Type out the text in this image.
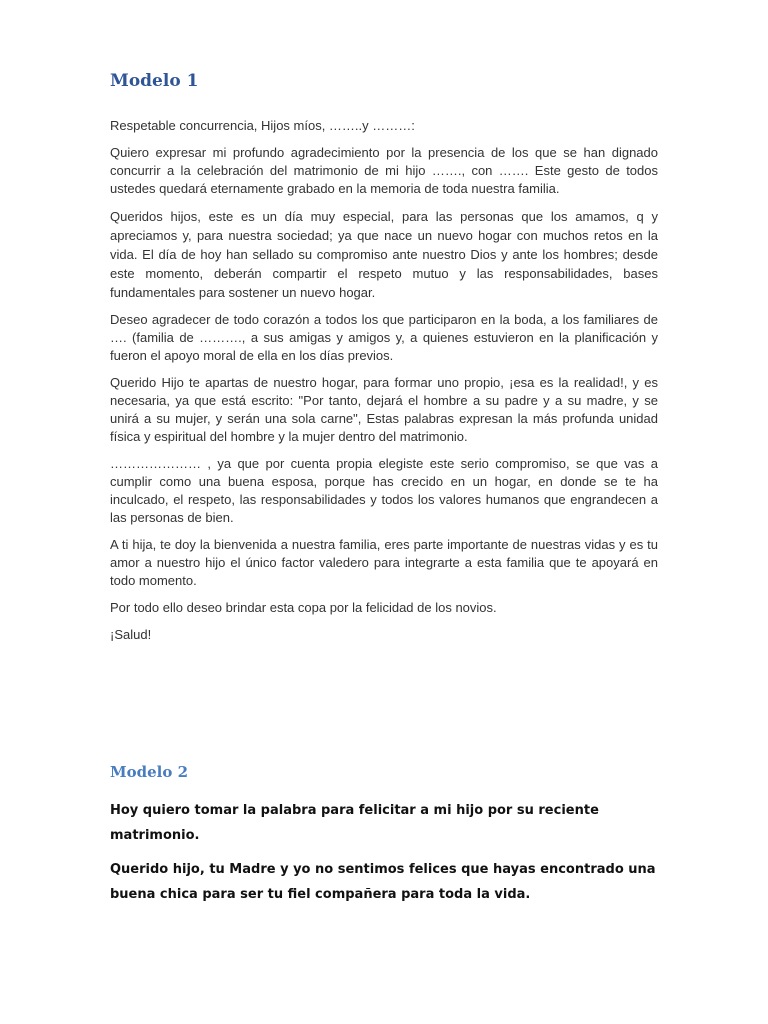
Modelo 1

Respetable concurrencia, Hijos míos, ……..y ………:

Quiero expresar mi profundo agradecimiento por la presencia de los que se han dignado concurrir a la celebración del matrimonio de mi hijo ……., con ……. Este gesto de todos ustedes quedará eternamente grabado en la memoria de toda nuestra familia.

Queridos hijos, este es un día muy especial, para las personas que los amamos, q y apreciamos y, para nuestra sociedad; ya que nace un nuevo hogar con muchos retos en la vida. El día de hoy han sellado su compromiso ante nuestro Dios y ante los hombres; desde este momento, deberán compartir el respeto mutuo y las responsabilidades, bases fundamentales para sostener un nuevo hogar.

Deseo agradecer de todo corazón a todos los que participaron en la boda, a los familiares de …. (familia de ………., a sus amigas y amigos y, a quienes estuvieron en la planificación y fueron el apoyo moral de ella en los días previos.

Querido Hijo te apartas de nuestro hogar, para formar uno propio, ¡esa es la realidad!, y es necesaria, ya que está escrito: "Por tanto, dejará el hombre a su padre y a su madre, y se unirá a su mujer, y serán una sola carne", Estas palabras expresan la más profunda unidad física y espiritual del hombre y la mujer dentro del matrimonio.

………………… , ya que por cuenta propia elegiste este serio compromiso, se que vas a cumplir como una buena esposa, porque has crecido en un hogar, en donde se te ha inculcado, el respeto, las responsabilidades y todos los valores humanos que engrandecen a las personas de bien.

A ti hija, te doy la bienvenida a nuestra familia, eres parte importante de nuestras vidas y es tu amor a nuestro hijo el único factor valedero para integrarte a esta familia que te apoyará en todo momento.

Por todo ello deseo brindar esta copa por la felicidad de los novios.

¡Salud!

Modelo 2

Hoy quiero tomar la palabra para felicitar a mi hijo por su reciente matrimonio.

Querido hijo, tu Madre y yo no sentimos felices que hayas encontrado una buena chica para ser tu fiel compañera para toda la vida.
